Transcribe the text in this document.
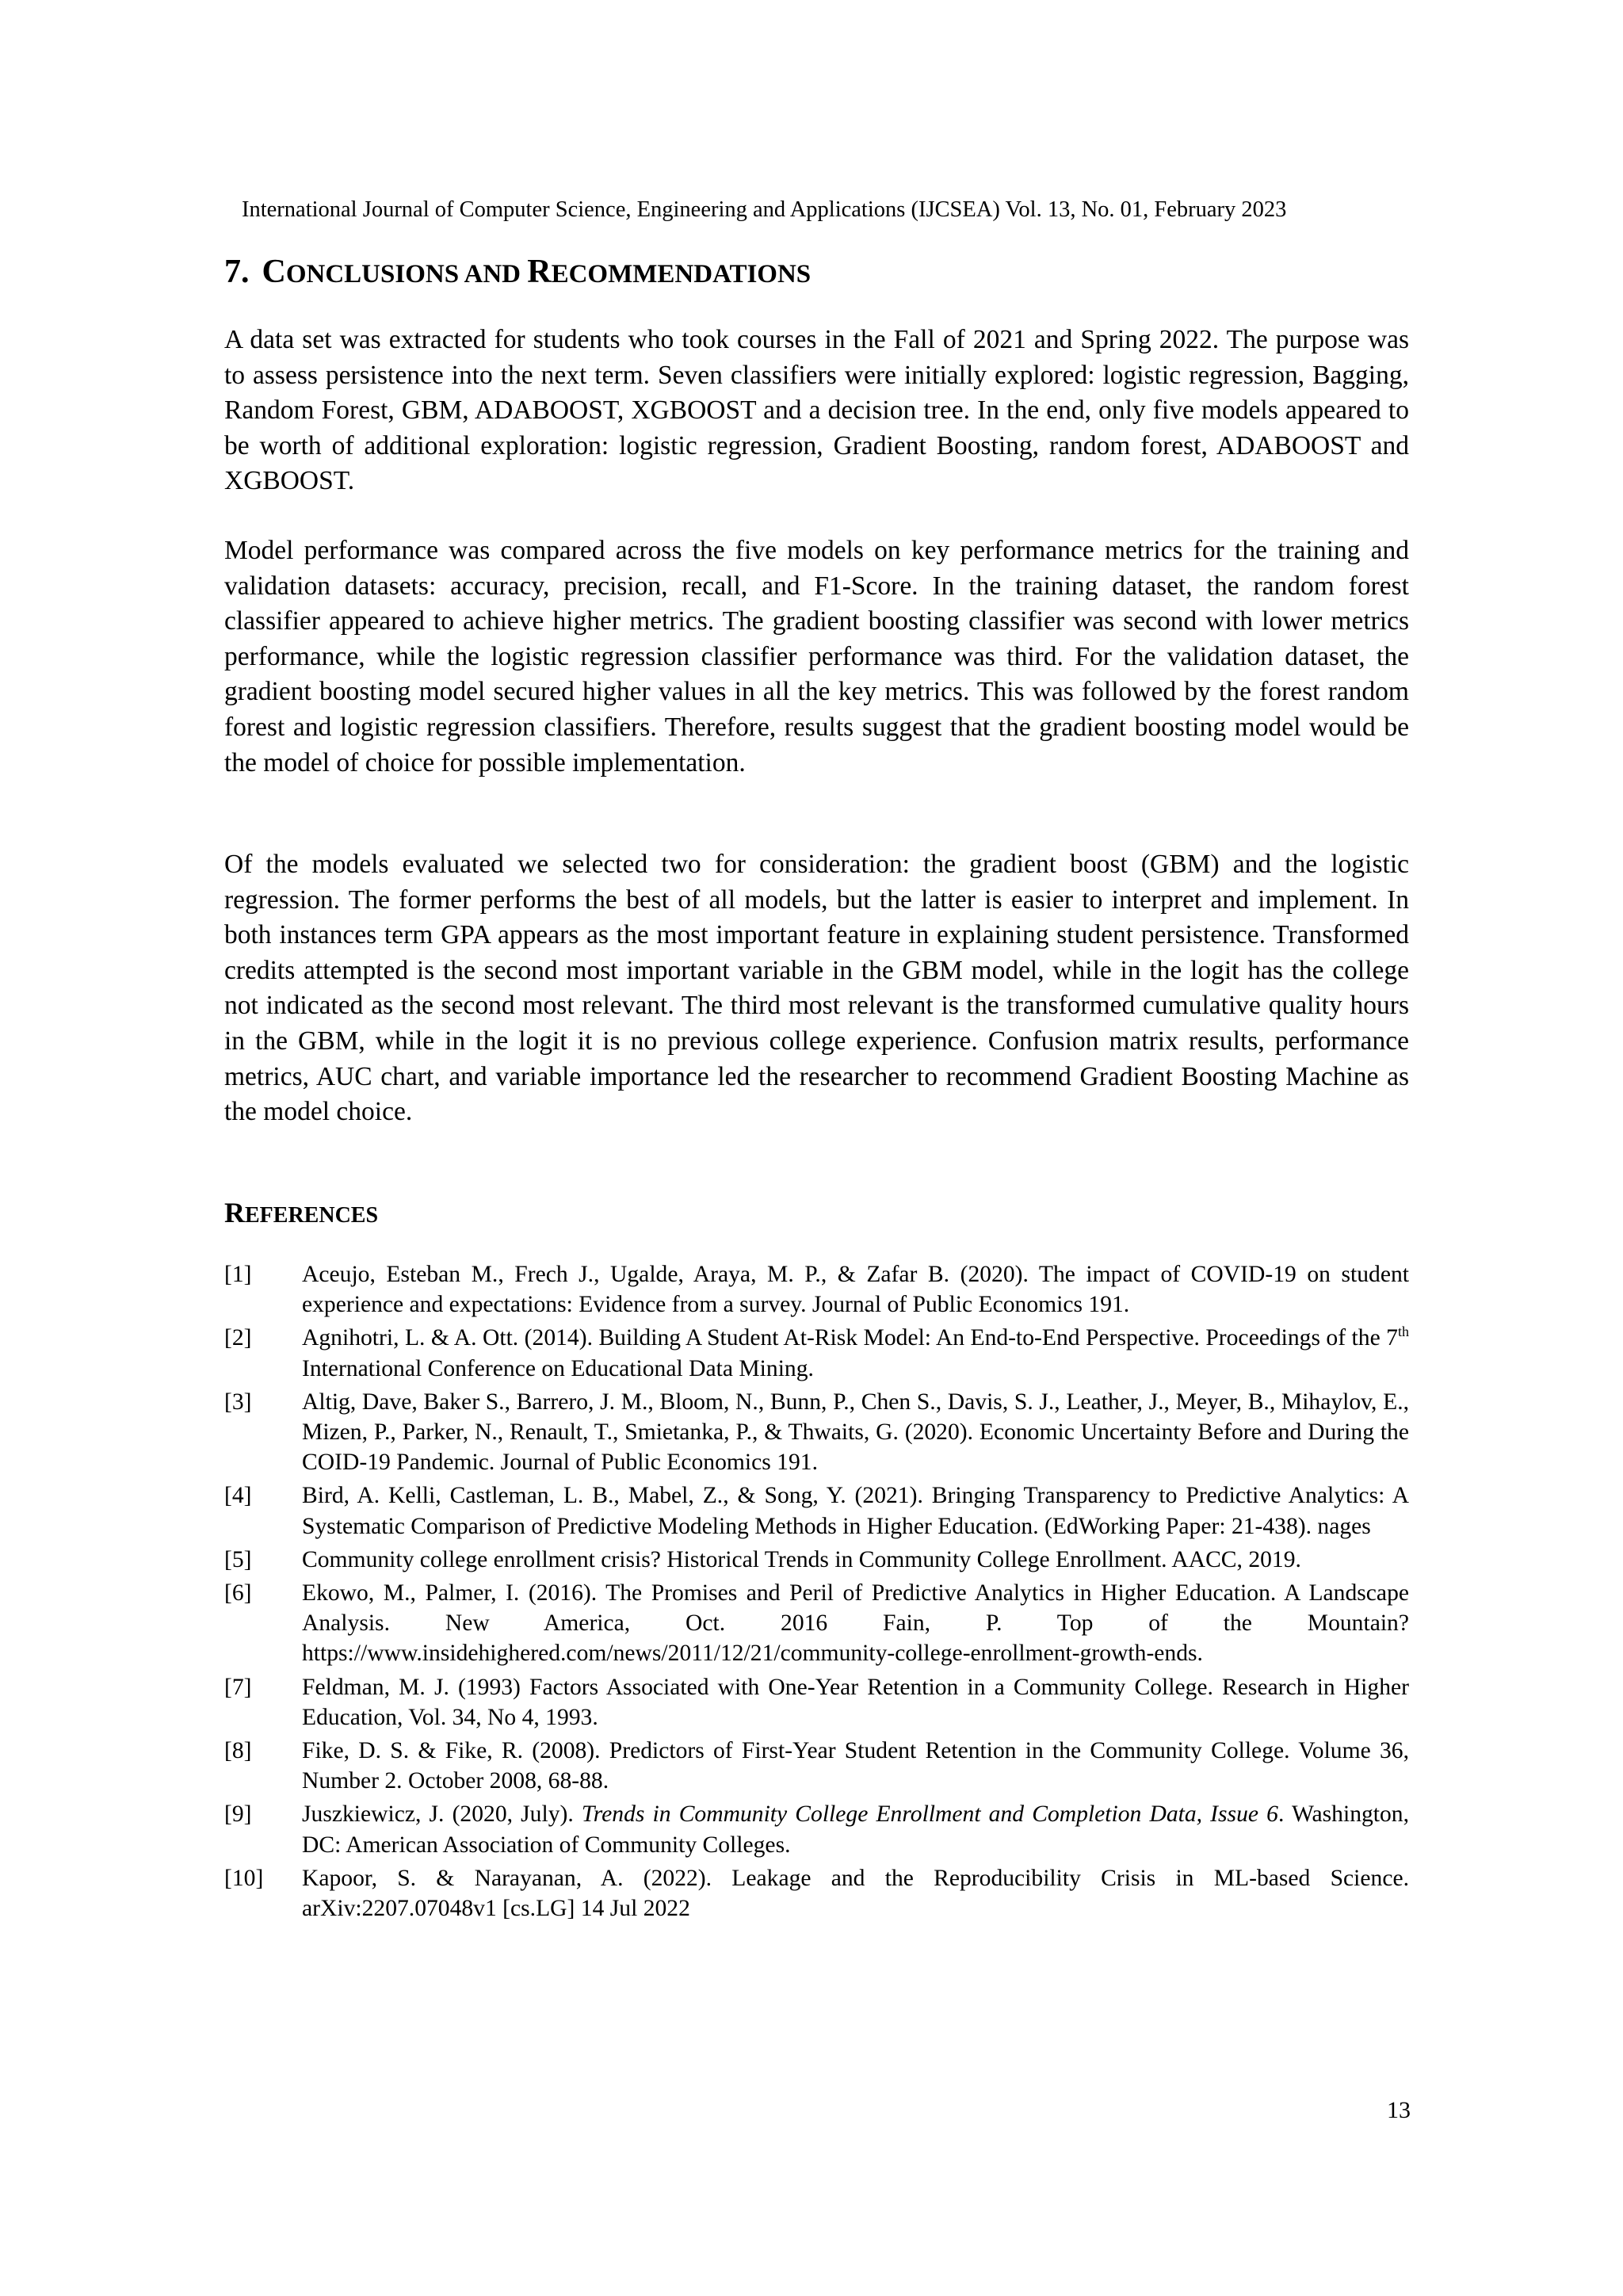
International Journal of Computer Science, Engineering and Applications (IJCSEA) Vol. 13, No. 01, February 2023
7. CONCLUSIONS AND RECOMMENDATIONS

A data set was extracted for students who took courses in the Fall of 2021 and Spring 2022. The purpose was to assess persistence into the next term. Seven classifiers were initially explored: logistic regression, Bagging, Random Forest, GBM, ADABOOST, XGBOOST and a decision tree. In the end, only five models appeared to be worth of additional exploration: logistic regression, Gradient Boosting, random forest, ADABOOST and XGBOOST.

Model performance was compared across the five models on key performance metrics for the training and validation datasets: accuracy, precision, recall, and F1-Score. In the training dataset, the random forest classifier appeared to achieve higher metrics. The gradient boosting classifier was second with lower metrics performance, while the logistic regression classifier performance was third. For the validation dataset, the gradient boosting model secured higher values in all the key metrics. This was followed by the forest random forest and logistic regression classifiers. Therefore, results suggest that the gradient boosting model would be the model of choice for possible implementation.

Of the models evaluated we selected two for consideration: the gradient boost (GBM) and the logistic regression. The former performs the best of all models, but the latter is easier to interpret and implement. In both instances term GPA appears as the most important feature in explaining student persistence. Transformed credits attempted is the second most important variable in the GBM model, while in the logit has the college not indicated as the second most relevant. The third most relevant is the transformed cumulative quality hours in the GBM, while in the logit it is no previous college experience. Confusion matrix results, performance metrics, AUC chart, and variable importance led the researcher to recommend Gradient Boosting Machine as the model choice.

REFERENCES
[1]	Aceujo, Esteban M., Frech J., Ugalde, Araya, M. P., & Zafar B. (2020). The impact of COVID-19 on student experience and expectations: Evidence from a survey. Journal of Public Economics 191.
[2]	Agnihotri, L. & A. Ott. (2014). Building A Student At-Risk Model: An End-to-End Perspective. Proceedings of the 7th International Conference on Educational Data Mining.
[3]	Altig, Dave, Baker S., Barrero, J. M., Bloom, N., Bunn, P., Chen S., Davis, S. J., Leather, J., Meyer, B., Mihaylov, E., Mizen, P., Parker, N., Renault, T., Smietanka, P., & Thwaits, G. (2020). Economic Uncertainty Before and During the COID-19 Pandemic. Journal of Public Economics 191.
[4]	Bird, A. Kelli, Castleman, L. B., Mabel, Z., & Song, Y. (2021). Bringing Transparency to Predictive Analytics: A Systematic Comparison of Predictive Modeling Methods in Higher Education. (EdWorking Paper: 21-438). nages
[5]	Community college enrollment crisis? Historical Trends in Community College Enrollment. AACC, 2019.
[6]	Ekowo, M., Palmer, I. (2016). The Promises and Peril of Predictive Analytics in Higher Education. A Landscape Analysis. New America, Oct. 2016 Fain, P. Top of the Mountain? https://www.insidehighered.com/news/2011/12/21/community-college-enrollment-growth-ends.
[7]	Feldman, M. J. (1993) Factors Associated with One-Year Retention in a Community College. Research in Higher Education, Vol. 34, No 4, 1993.
[8]	Fike, D. S. & Fike, R. (2008). Predictors of First-Year Student Retention in the Community College. Volume 36, Number 2. October 2008, 68-88.
[9]	Juszkiewicz, J. (2020, July). Trends in Community College Enrollment and Completion Data, Issue 6. Washington, DC: American Association of Community Colleges.
[10]	Kapoor, S. & Narayanan, A. (2022). Leakage and the Reproducibility Crisis in ML-based Science. arXiv:2207.07048v1 [cs.LG] 14 Jul 2022
13
